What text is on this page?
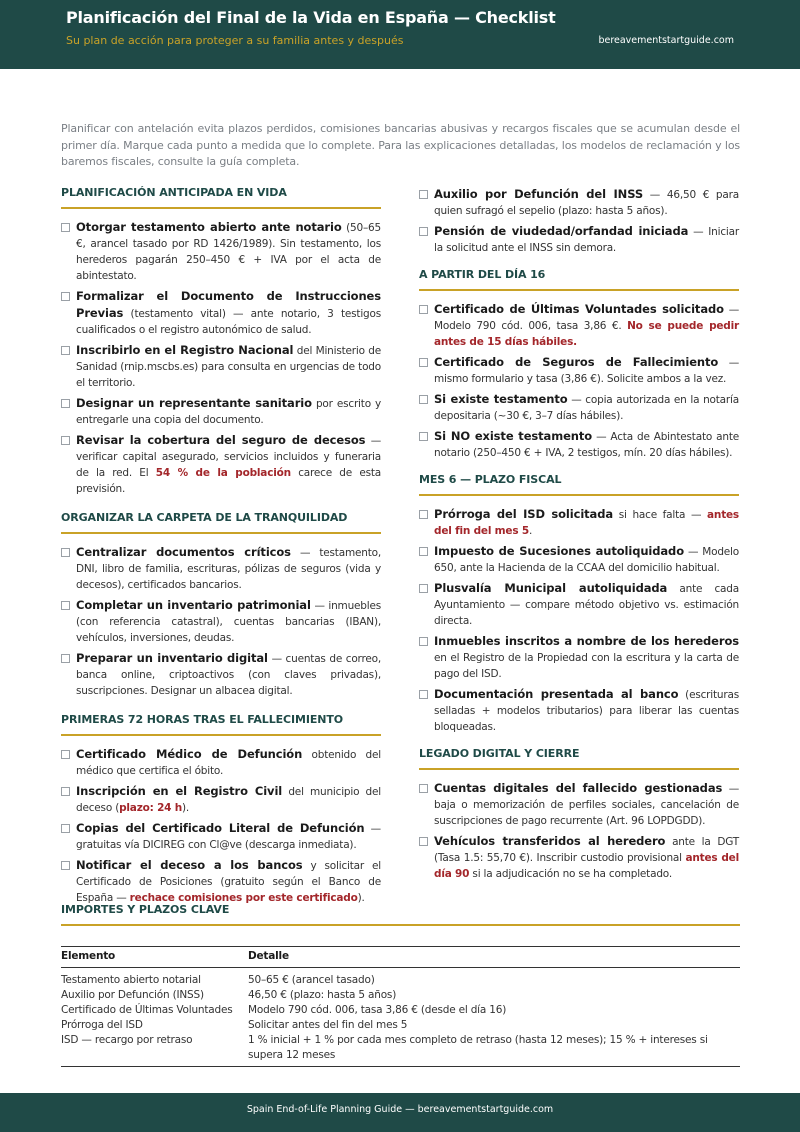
Planificación del Final de la Vida en España — Checklist
Su plan de acción para proteger a su familia antes y después	bereavementstartguide.com

Planificar con antelación evita plazos perdidos, comisiones bancarias abusivas y recargos fiscales que se acumulan desde el primer día. Marque cada punto a medida que lo complete. Para las explicaciones detalladas, los modelos de reclamación y los baremos fiscales, consulte la guía completa.

PLANIFICACIÓN ANTICIPADA EN VIDA
Otorgar testamento abierto ante notario (50–65 €, arancel tasado por RD 1426/1989). Sin testamento, los herederos pagarán 250–450 € + IVA por el acta de abintestato.
Formalizar el Documento de Instrucciones Previas (testamento vital) — ante notario, 3 testigos cualificados o el registro autonómico de salud.
Inscribirlo en el Registro Nacional del Ministerio de Sanidad (rnip.mscbs.es) para consulta en urgencias de todo el territorio.
Designar un representante sanitario por escrito y entregarle una copia del documento.
Revisar la cobertura del seguro de decesos — verificar capital asegurado, servicios incluidos y funeraria de la red. El 54 % de la población carece de esta previsión.
ORGANIZAR LA CARPETA DE LA TRANQUILIDAD
Centralizar documentos críticos — testamento, DNI, libro de familia, escrituras, pólizas de seguros (vida y decesos), certificados bancarios.
Completar un inventario patrimonial — inmuebles (con referencia catastral), cuentas bancarias (IBAN), vehículos, inversiones, deudas.
Preparar un inventario digital — cuentas de correo, banca online, criptoactivos (con claves privadas), suscripciones. Designar un albacea digital.
PRIMERAS 72 HORAS TRAS EL FALLECIMIENTO
Certificado Médico de Defunción obtenido del médico que certifica el óbito.
Inscripción en el Registro Civil del municipio del deceso (plazo: 24 h).
Copias del Certificado Literal de Defunción — gratuitas vía DICIREG con Cl@ve (descarga inmediata).
Notificar el deceso a los bancos y solicitar el Certificado de Posiciones (gratuito según el Banco de España — rechace comisiones por este certificado).
Auxilio por Defunción del INSS — 46,50 € para quien sufragó el sepelio (plazo: hasta 5 años).
Pensión de viudedad/orfandad iniciada — Iniciar la solicitud ante el INSS sin demora.
A PARTIR DEL DÍA 16
Certificado de Últimas Voluntades solicitado — Modelo 790 cód. 006, tasa 3,86 €. No se puede pedir antes de 15 días hábiles.
Certificado de Seguros de Fallecimiento — mismo formulario y tasa (3,86 €). Solicite ambos a la vez.
Si existe testamento — copia autorizada en la notaría depositaria (~30 €, 3–7 días hábiles).
Si NO existe testamento — Acta de Abintestato ante notario (250–450 € + IVA, 2 testigos, mín. 20 días hábiles).
MES 6 — PLAZO FISCAL
Prórroga del ISD solicitada si hace falta — antes del fin del mes 5.
Impuesto de Sucesiones autoliquidado — Modelo 650, ante la Hacienda de la CCAA del domicilio habitual.
Plusvalía Municipal autoliquidada ante cada Ayuntamiento — compare método objetivo vs. estimación directa.
Inmuebles inscritos a nombre de los herederos en el Registro de la Propiedad con la escritura y la carta de pago del ISD.
Documentación presentada al banco (escrituras selladas + modelos tributarios) para liberar las cuentas bloqueadas.
LEGADO DIGITAL Y CIERRE
Cuentas digitales del fallecido gestionadas — baja o memorización de perfiles sociales, cancelación de suscripciones de pago recurrente (Art. 96 LOPDGDD).
Vehículos transferidos al heredero ante la DGT (Tasa 1.5: 55,70 €). Inscribir custodio provisional antes del día 90 si la adjudicación no se ha completado.
IMPORTES Y PLAZOS CLAVE
Elemento	Detalle
Testamento abierto notarial	50–65 € (arancel tasado)
Auxilio por Defunción (INSS)	46,50 € (plazo: hasta 5 años)
Certificado de Últimas Voluntades	Modelo 790 cód. 006, tasa 3,86 € (desde el día 16)
Prórroga del ISD	Solicitar antes del fin del mes 5
ISD — recargo por retraso	1 % inicial + 1 % por cada mes completo de retraso (hasta 12 meses); 15 % + intereses si supera 12 meses
Spain End-of-Life Planning Guide — bereavementstartguide.com
